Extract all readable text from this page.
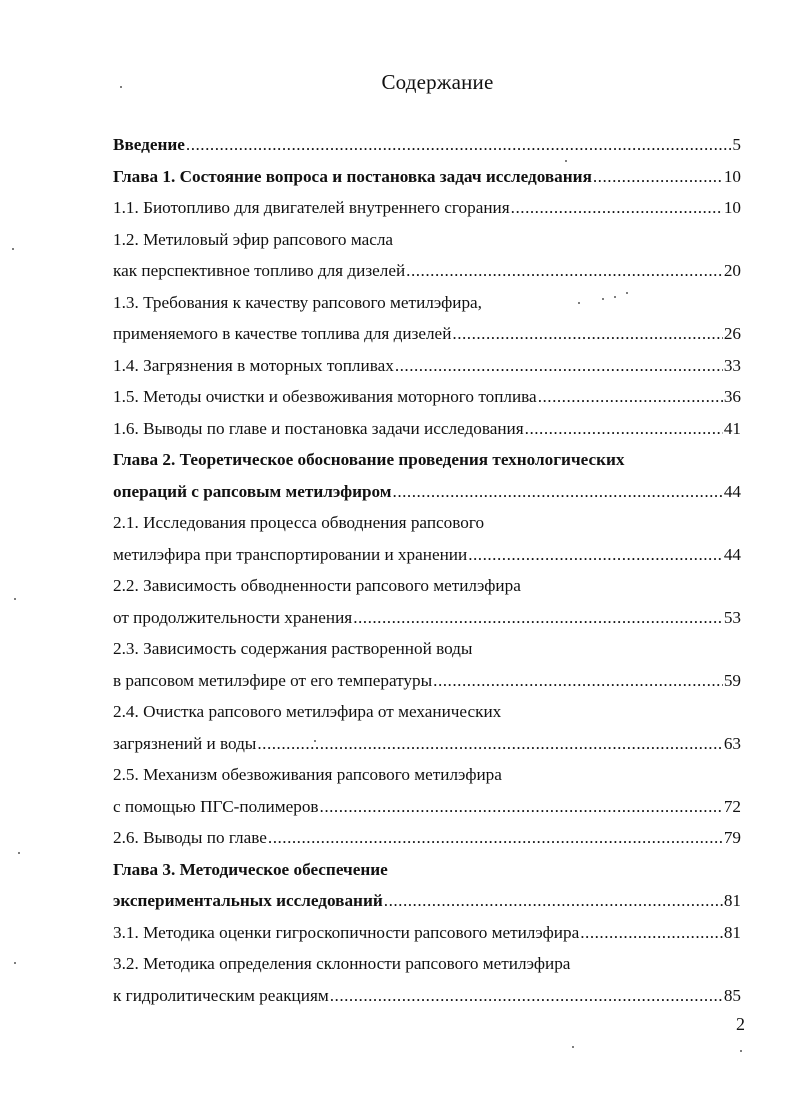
Содержание
Введение .....	5
Глава 1. Состояние вопроса и постановка задач исследования .....	10
1.1. Биотопливо для двигателей внутреннего сгорания .....	10
1.2. Метиловый эфир рапсового масла
как перспективное топливо для дизелей .....	20
1.3. Требования к качеству рапсового метилэфира,
применяемого в качестве топлива для дизелей .....	26
1.4. Загрязнения в моторных топливах .....	33
1.5. Методы очистки и обезвоживания моторного топлива .....	36
1.6. Выводы по главе и постановка задачи исследования .....	41
Глава 2. Теоретическое обоснование проведения технологических
операций с рапсовым метилэфиром .....	44
2.1. Исследования процесса обводнения рапсового
метилэфира при транспортировании и хранении .....	44
2.2. Зависимость обводненности рапсового метилэфира
от продолжительности хранения .....	53
2.3. Зависимость содержания растворенной воды
в рапсовом метилэфире от его температуры .....	59
2.4. Очистка рапсового метилэфира от механических
загрязнений и воды .....	63
2.5. Механизм обезвоживания рапсового метилэфира
с помощью ПГС-полимеров .....	72
2.6. Выводы по главе .....	79
Глава 3. Методическое обеспечение
экспериментальных исследований .....	81
3.1. Методика оценки гигроскопичности рапсового метилэфира .....	81
3.2. Методика определения склонности рапсового метилэфира
к гидролитическим реакциям .....	85
2
